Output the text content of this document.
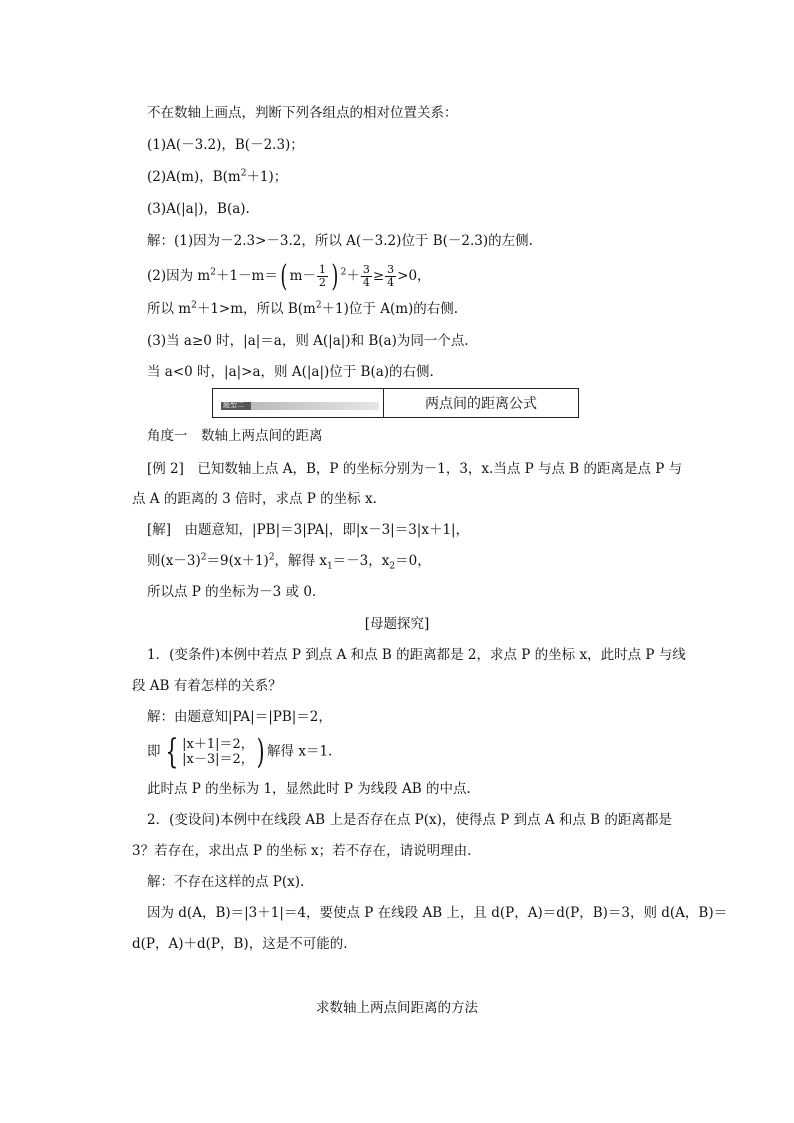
不在数轴上画点，判断下列各组点的相对位置关系：
(1)A(－3.2)，B(－2.3)；
(2)A(m)，$B(m^2+1)$；
(3)A(|a|)，B(a).
解：(1)因为－2.3>－3.2，所以 A(－3.2)位于 B(－2.3)的左侧.
(2)因为 $m^2+1-m=$( $m- \frac{1}{2}$ ) $^2+ \frac{3}{4} \ge \frac{3}{4} >0$，
所以 $m^2+1>m$，所以 $B(m^2+1)$位于 A(m)的右侧.
(3)当 a≥0 时，|a|＝a，则 A(|a|)和 B(a)为同一个点.
当 a<0 时，|a|>a，则 A(|a|)位于 B(a)的右侧.
题型二	两点间的距离公式
角度一　数轴上两点间的距离
[例 2]　已知数轴上点 A，B，P 的坐标分别为－1，3，x.当点 P 与点 B 的距离是点 P 与
点 A 的距离的 3 倍时，求点 P 的坐标 x.
[解]　由题意知，|PB|＝3|PA|，即|x－3|＝3|x＋1|，
则$(x-3)^2=9(x+1)^2$，解得 $x_1=-3$，$x_2=0$，
所以点 P 的坐标为－3 或 0.
[母题探究]
1．(变条件)本例中若点 P 到点 A 和点 B 的距离都是 2，求点 P 的坐标 x，此时点 P 与线
段 AB 有着怎样的关系？
解：由题意知|PA|＝|PB|＝2，
即 { |x＋1|＝2，
|x－3|＝2， ) 解得 x＝1.
此时点 P 的坐标为 1，显然此时 P 为线段 AB 的中点.
2．(变设问)本例中在线段 AB 上是否存在点 P(x)，使得点 P 到点 A 和点 B 的距离都是
3？若存在，求出点 P 的坐标 x；若不存在，请说明理由.
解：不存在这样的点 P(x).
因为 d(A，B)＝|3＋1|＝4，要使点 P 在线段 AB 上，且 d(P，A)＝d(P，B)＝3，则 d(A，B)＝
d(P，A)＋d(P，B)，这是不可能的.
求数轴上两点间距离的方法
